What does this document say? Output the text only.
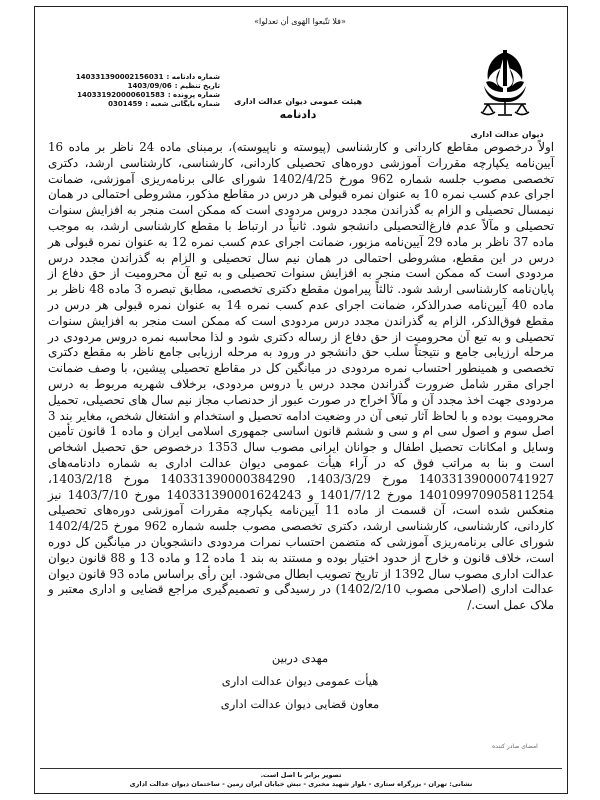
«فلا تتّبعوا الهَوى أن تعدلوا»
دیوان عدالت اداری
هیئت عمومی دیوان عدالت اداری
دادنامه
شماره دادنامه :
140331390002156031
تاریخ تنظیم :
1403/09/06
شماره پرونده :
140331920000601583
شماره بایگانی شعبه :
0301459

اولاً درخصوص مقاطع کاردانی و کارشناسی (پیوسته و ناپیوسته)، برمبنای ماده 24 ناظر بر ماده 16 آیین‌نامه یکپارچه مقررات آموزشی دوره‌های تحصیلی کاردانی، کارشناسی، کارشناسی ارشد، دکتری تخصصی مصوب جلسه شماره 962 مورخ 1402/4/25 شورای عالی برنامه‌ریزی آموزشی، ضمانت اجرای عدم کسب نمره 10 به عنوان نمره قبولی هر درس در مقاطع مذکور، مشروطی احتمالی در همان نیمسال تحصیلی و الزام به گذراندن مجدد دروس مردودی است که ممکن است منجر به افزایش سنوات تحصیلی و مآلاً عدم فارغ‌التحصیلی دانشجو شود. ثانیاً در ارتباط با مقطع کارشناسی ارشد، به موجب ماده 37 ناظر بر ماده 29 آیین‌نامه مزبور، ضمانت اجرای عدم کسب نمره 12 به عنوان نمره قبولی هر درس در این مقطع، مشروطی احتمالی در همان نیم سال تحصیلی و الزام به گذراندن مجدد درس مردودی است که ممکن است منجر به افزایش سنوات تحصیلی و به تبع آن محرومیت از حق دفاع از پایان‌نامه کارشناسی ارشد شود. ثالثاً پیرامون مقطع دکتری تخصصی، مطابق تبصره 3 ماده 48 ناظر بر ماده 40 آیین‌نامه صدرالذکر، ضمانت اجرای عدم کسب نمره 14 به عنوان نمره قبولی هر درس در مقطع فوق‌الذکر، الزام به گذراندن مجدد درس مردودی است که ممکن است منجر به افزایش سنوات تحصیلی و به تبع آن محرومیت از حق دفاع از رساله دکتری شود و لذا محاسبه نمره دروس مردودی در مرحله ارزیابی جامع و نتیجتاً سلب حق دانشجو در ورود به مرحله ارزیابی جامع ناظر به مقطع دکتری تخصصی و همینطور احتساب نمره مردودی در میانگین کل در مقاطع تحصیلی پیشین، با وصف ضمانت اجرای مقرر شامل ضرورت گذراندن مجدد درس یا دروس مردودی، برخلاف شهریه مربوط به درس مردودی جهت اخذ مجدد آن و مآلاً اخراج در صورت عبور از حدنصاب مجاز نیم سال های تحصیلی، تحمیل محرومیت بوده و با لحاظ آثار تبعی آن در وضعیت ادامه تحصیل و استخدام و اشتغال شخص، مغایر بند 3 اصل سوم و اصول سی ام و سی و ششم قانون اساسی جمهوری اسلامی ایران و ماده 1 قانون تأمین وسایل و امکانات تحصیل اطفال و جوانان ایرانی مصوب سال 1353 درخصوص حق تحصیل اشخاص است و بنا به مراتب فوق که در آراء هیأت عمومی دیوان عدالت اداری به شماره دادنامه‌های 140331390000741927 مورخ 1403/3/29، 140331390000384290 مورخ 1403/2/18، 140109970905811254 مورخ 1401/7/12 و 140331390001624243 مورخ 1403/7/10 نیز منعکس شده است، آن قسمت از ماده 11 آیین‌نامه یکپارچه مقررات آموزشی دوره‌های تحصیلی کاردانی، کارشناسی، کارشناسی ارشد، دکتری تخصصی مصوب جلسه شماره 962 مورخ 1402/4/25 شورای عالی برنامه‌ریزی آموزشی که متضمن احتساب نمرات مردودی دانشجویان در میانگین کل دوره است، خلاف قانون و خارج از حدود اختیار بوده و مستند به بند 1 ماده 12 و ماده 13 و 88 قانون دیوان عدالت اداری مصوب سال 1392 از تاریخ تصویب ابطال می‌شود. این رأی براساس ماده 93 قانون دیوان عدالت اداری (اصلاحی مصوب 1402/2/10) در رسیدگی و تصمیم‌گیری مراجع قضایی و اداری معتبر و ملاک عمل است./

مهدی دربین
هیأت عمومی دیوان عدالت اداری
معاون قضایی دیوان عدالت اداری
امضای صادر کننده
تصویر برابر با اصل است.
نشانی: تهران - بزرگراه ستاری - بلوار شهید مخبری - نبش خیابان ایران زمین - ساختمان دیوان عدالت اداری
